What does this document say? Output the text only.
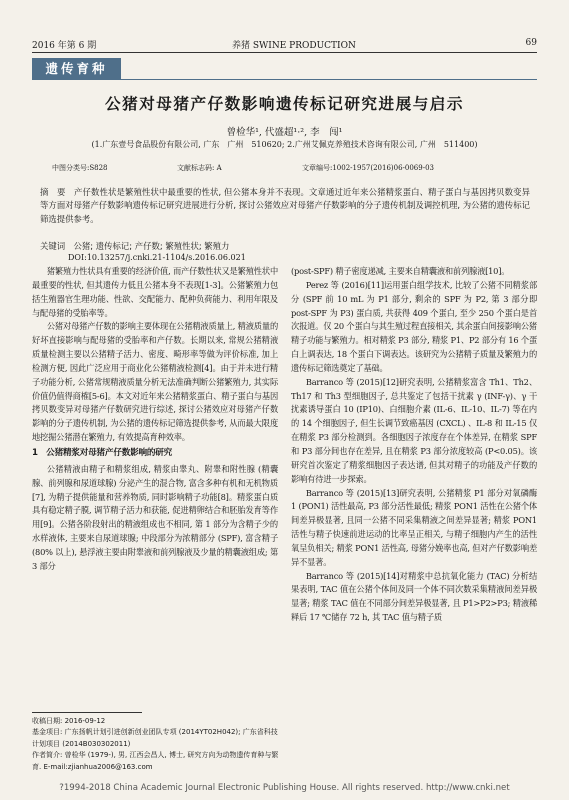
2016 年第 6 期	养猪 SWINE PRODUCTION	69
遗传育种
公猪对母猪产仔数影响遗传标记研究进展与启示
曾检华¹, 代盛超¹·², 李　闯¹
(1.广东壹号食品股份有限公司, 广东　广州　510620; 2.广州艾佩克养殖技术咨询有限公司, 广州　511400)
中图分类号:S828	文献标志码: A	文章编号:1002-1957(2016)06-0069-03
摘　要　产仔数性状是繁殖性状中最重要的性状, 但公猪本身并不表现。文章通过近年来公猪精浆蛋白、精子蛋白与基因拷贝数变异等方面对母猪产仔数影响遗传标记研究进展进行分析, 探讨公猪效应对母猪产仔数影响的分子遗传机制及调控机理, 为公猪的遗传标记筛选提供参考。
关键词　公猪; 遗传标记; 产仔数; 繁殖性状; 繁殖力
DOI:10.13257/j.cnki.21-1104/s.2016.06.021

猪繁殖力性状具有重要的经济价值, 而产仔数性状又是繁殖性状中最重要的性状, 但其遗传力低且公猪本身不表现[1-3]。公猪繁殖力包括生殖器官生理功能、性欲、交配能力、配种负荷能力、利用年限及与配母猪的受胎率等。

公猪对母猪产仔数的影响主要体现在公猪精液质量上, 精液质量的好坏直接影响与配母猪的受胎率和产仔数。长期以来, 常规公猪精液质量检测主要以公猪精子活力、密度、畸形率等做为评价标准, 加上检测方便, 因此广泛应用于商业化公猪精液检测[4]。由于并未进行精子功能分析, 公猪常规精液质量分析无法准确判断公猪繁殖力, 其实际价值仍值得商榷[5-6]。本文对近年来公猪精浆蛋白、精子蛋白与基因拷贝数变异对母猪产仔数研究进行综述, 探讨公猪效应对母猪产仔数影响的分子遗传机制, 为公猪的遗传标记筛选提供参考, 从而最大限度地挖掘公猪潜在繁殖力, 有效提高育种效率。

1　公猪精浆对母猪产仔数影响的研究

公猪精液由精子和精浆组成, 精浆由睾丸、附睾和附性腺 (精囊腺、前列腺和尿道球腺) 分泌产生的混合物, 富含多种有机和无机物质[7], 为精子提供能量和营养物质, 同时影响精子功能[8]。精浆蛋白质具有稳定精子膜, 调节精子活力和获能, 促进精卵结合和胚胎发育等作用[9]。公猪各阶段射出的精液组成也不相同, 第 1 部分为含精子少的水样液体, 主要来自尿道球腺; 中段部分为浓精部分 (SPF), 富含精子 (80% 以上), 悬浮液主要由附睾液和前列腺液及少量的精囊液组成; 第 3 部分

(post-SPF) 精子密度递减, 主要来自精囊液和前列腺液[10]。

Perez 等 (2016)[11]运用蛋白组学技术, 比较了公猪不同精浆部分 (SPF 前 10 mL 为 P1 部分, 剩余的 SPF 为 P2, 第 3 部分即 post-SPF 为 P3) 蛋白质, 共获得 409 个蛋白, 至少 250 个蛋白是首次报道。仅 20 个蛋白与其生殖过程直接相关, 其余蛋白间接影响公猪精子功能与繁殖力。相对精浆 P3 部分, 精浆 P1、P2 部分有 16 个蛋白上调表达, 18 个蛋白下调表达。该研究为公猪精子质量及繁殖力的遗传标记筛选奠定了基础。

Barranco 等 (2015)[12]研究表明, 公猪精浆富含 Th1、Th2、Th17 和 Th3 型细胞因子, 总共鉴定了包括干扰素 γ (INF-γ)、γ 干扰素诱导蛋白 10 (IP10)、白细胞介素 (IL-6、IL-10、IL-7) 等在内的 14 个细胞因子, 但生长调节致癌基因 (CXCL) 、IL-8 和 IL-15 仅在精浆 P3 部分检测到。各细胞因子浓度存在个体差异, 在精浆 SPF 和 P3 部分间也存在差异, 且在精浆 P3 部分浓度较高 (P<0.05)。该研究首次鉴定了精浆细胞因子表达谱, 但其对精子的功能及产仔数的影响有待进一步探索。

Barranco 等 (2015)[13]研究表明, 公猪精浆 P1 部分对氧磷酶 1 (PON1) 活性最高, P3 部分活性最低; 精浆 PON1 活性在公猪个体间差异极显著, 且同一公猪不同采集精液之间差异显著; 精浆 PON1 活性与精子快速前进运动的比率呈正相关, 与精子细胞内产生的活性氧呈负相关; 精浆 PON1 活性高, 母猪分娩率也高, 但对产仔数影响差异不显著。

Barranco 等 (2015)[14]对精浆中总抗氧化能力 (TAC) 分析结果表明, TAC 值在公猪个体间及同一个体不同次数采集精液间差异极显著; 精浆 TAC 值在不同部分间差异极显著, 且 P1>P2>P3; 精液稀释后 17 ℃储存 72 h, 其 TAC 值与精子质

收稿日期: 2016-09-12
基金项目: 广东扬帆计划引进创新创业团队专项 (2014YT02H042); 广东省科技计划项目 (2014B030302011)
作者简介: 曾检华 (1979-), 男, 江西会昌人, 博士, 研究方向为动物遗传育种与繁育. E-mail:zjianhua2006@163.com
?1994-2018 China Academic Journal Electronic Publishing House. All rights reserved. http://www.cnki.net
